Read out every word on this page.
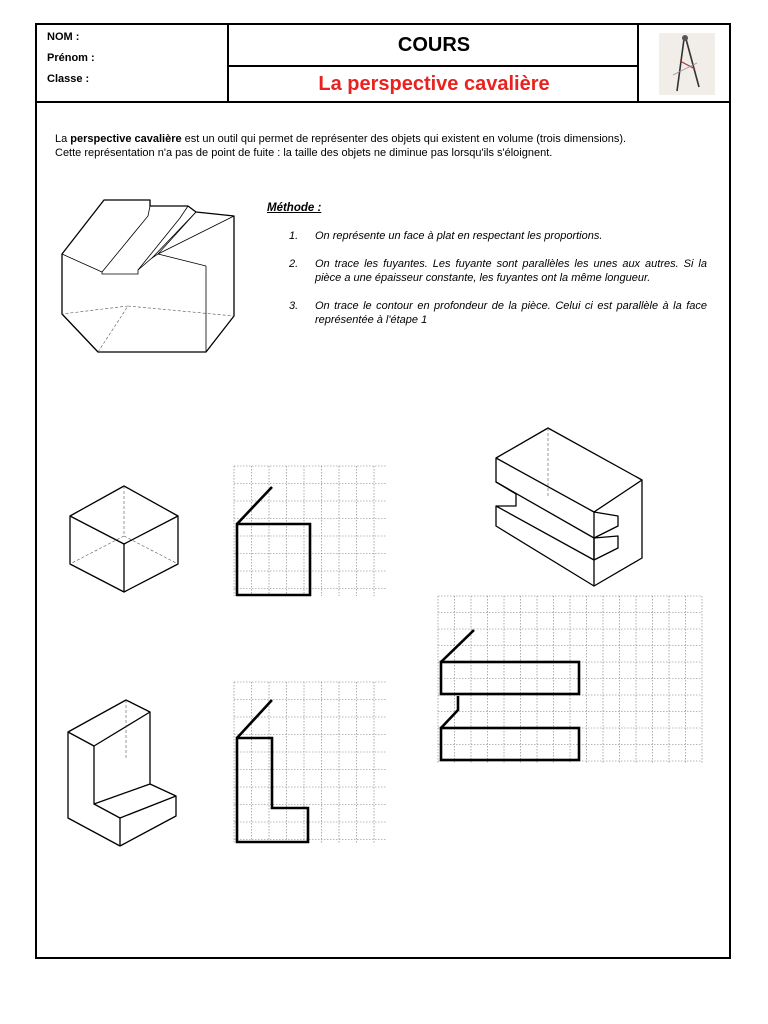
NOM :
Prénom :
Classe :
COURS
La perspective cavalière
La perspective cavalière est un outil qui permet de représenter des objets qui existent en volume (trois dimensions).
Cette représentation n'a pas de point de fuite : la taille des objets ne diminue pas lorsqu'ils s'éloignent.
Méthode :
1. On représente un face à plat en respectant les proportions.
2. On trace les fuyantes. Les fuyante sont parallèles les unes aux autres. Si la pièce a une épaisseur constante, les fuyantes ont la même longueur.
3. On trace le contour en profondeur de la pièce. Celui ci est parallèle à la face représentée à l'étape 1
